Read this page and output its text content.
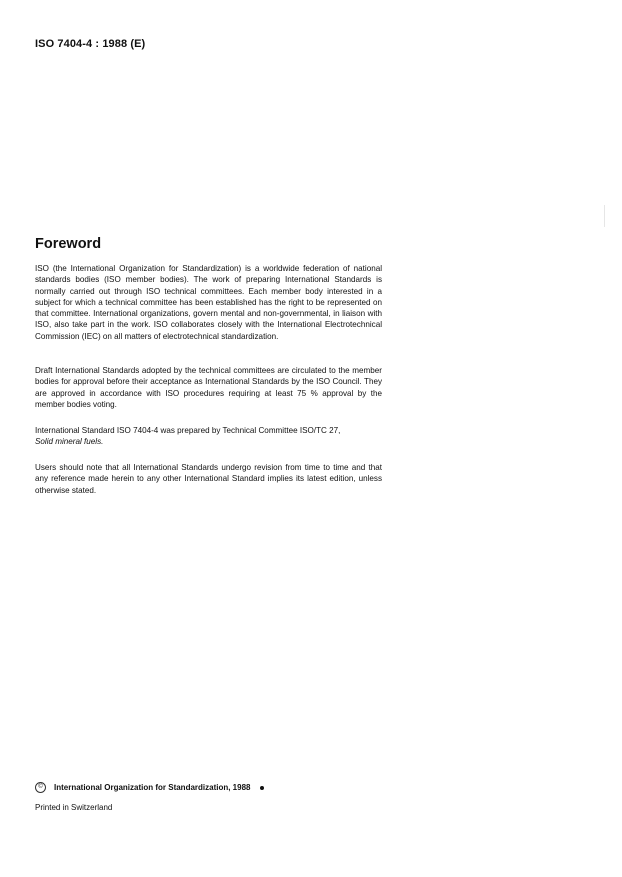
ISO 7404-4 : 1988 (E)
Foreword

ISO (the International Organization for Standardization) is a worldwide federation of national standards bodies (ISO member bodies). The work of preparing International Standards is normally carried out through ISO technical committees. Each member body interested in a subject for which a technical committee has been established has the right to be represented on that committee. International organizations, govern mental and non-governmental, in liaison with ISO, also take part in the work. ISO collaborates closely with the International Electrotechnical Commission (IEC) on all matters of electrotechnical standardization.

Draft International Standards adopted by the technical committees are circulated to the member bodies for approval before their acceptance as International Standards by the ISO Council. They are approved in accordance with ISO procedures requiring at least 75 % approval by the member bodies voting.

International Standard ISO 7404-4 was prepared by Technical Committee ISO/TC 27,
Solid mineral fuels.

Users should note that all International Standards undergo revision from time to time and that any reference made herein to any other International Standard implies its latest edition, unless otherwise stated.

©	International Organization for Standardization, 1988
Printed in Switzerland
